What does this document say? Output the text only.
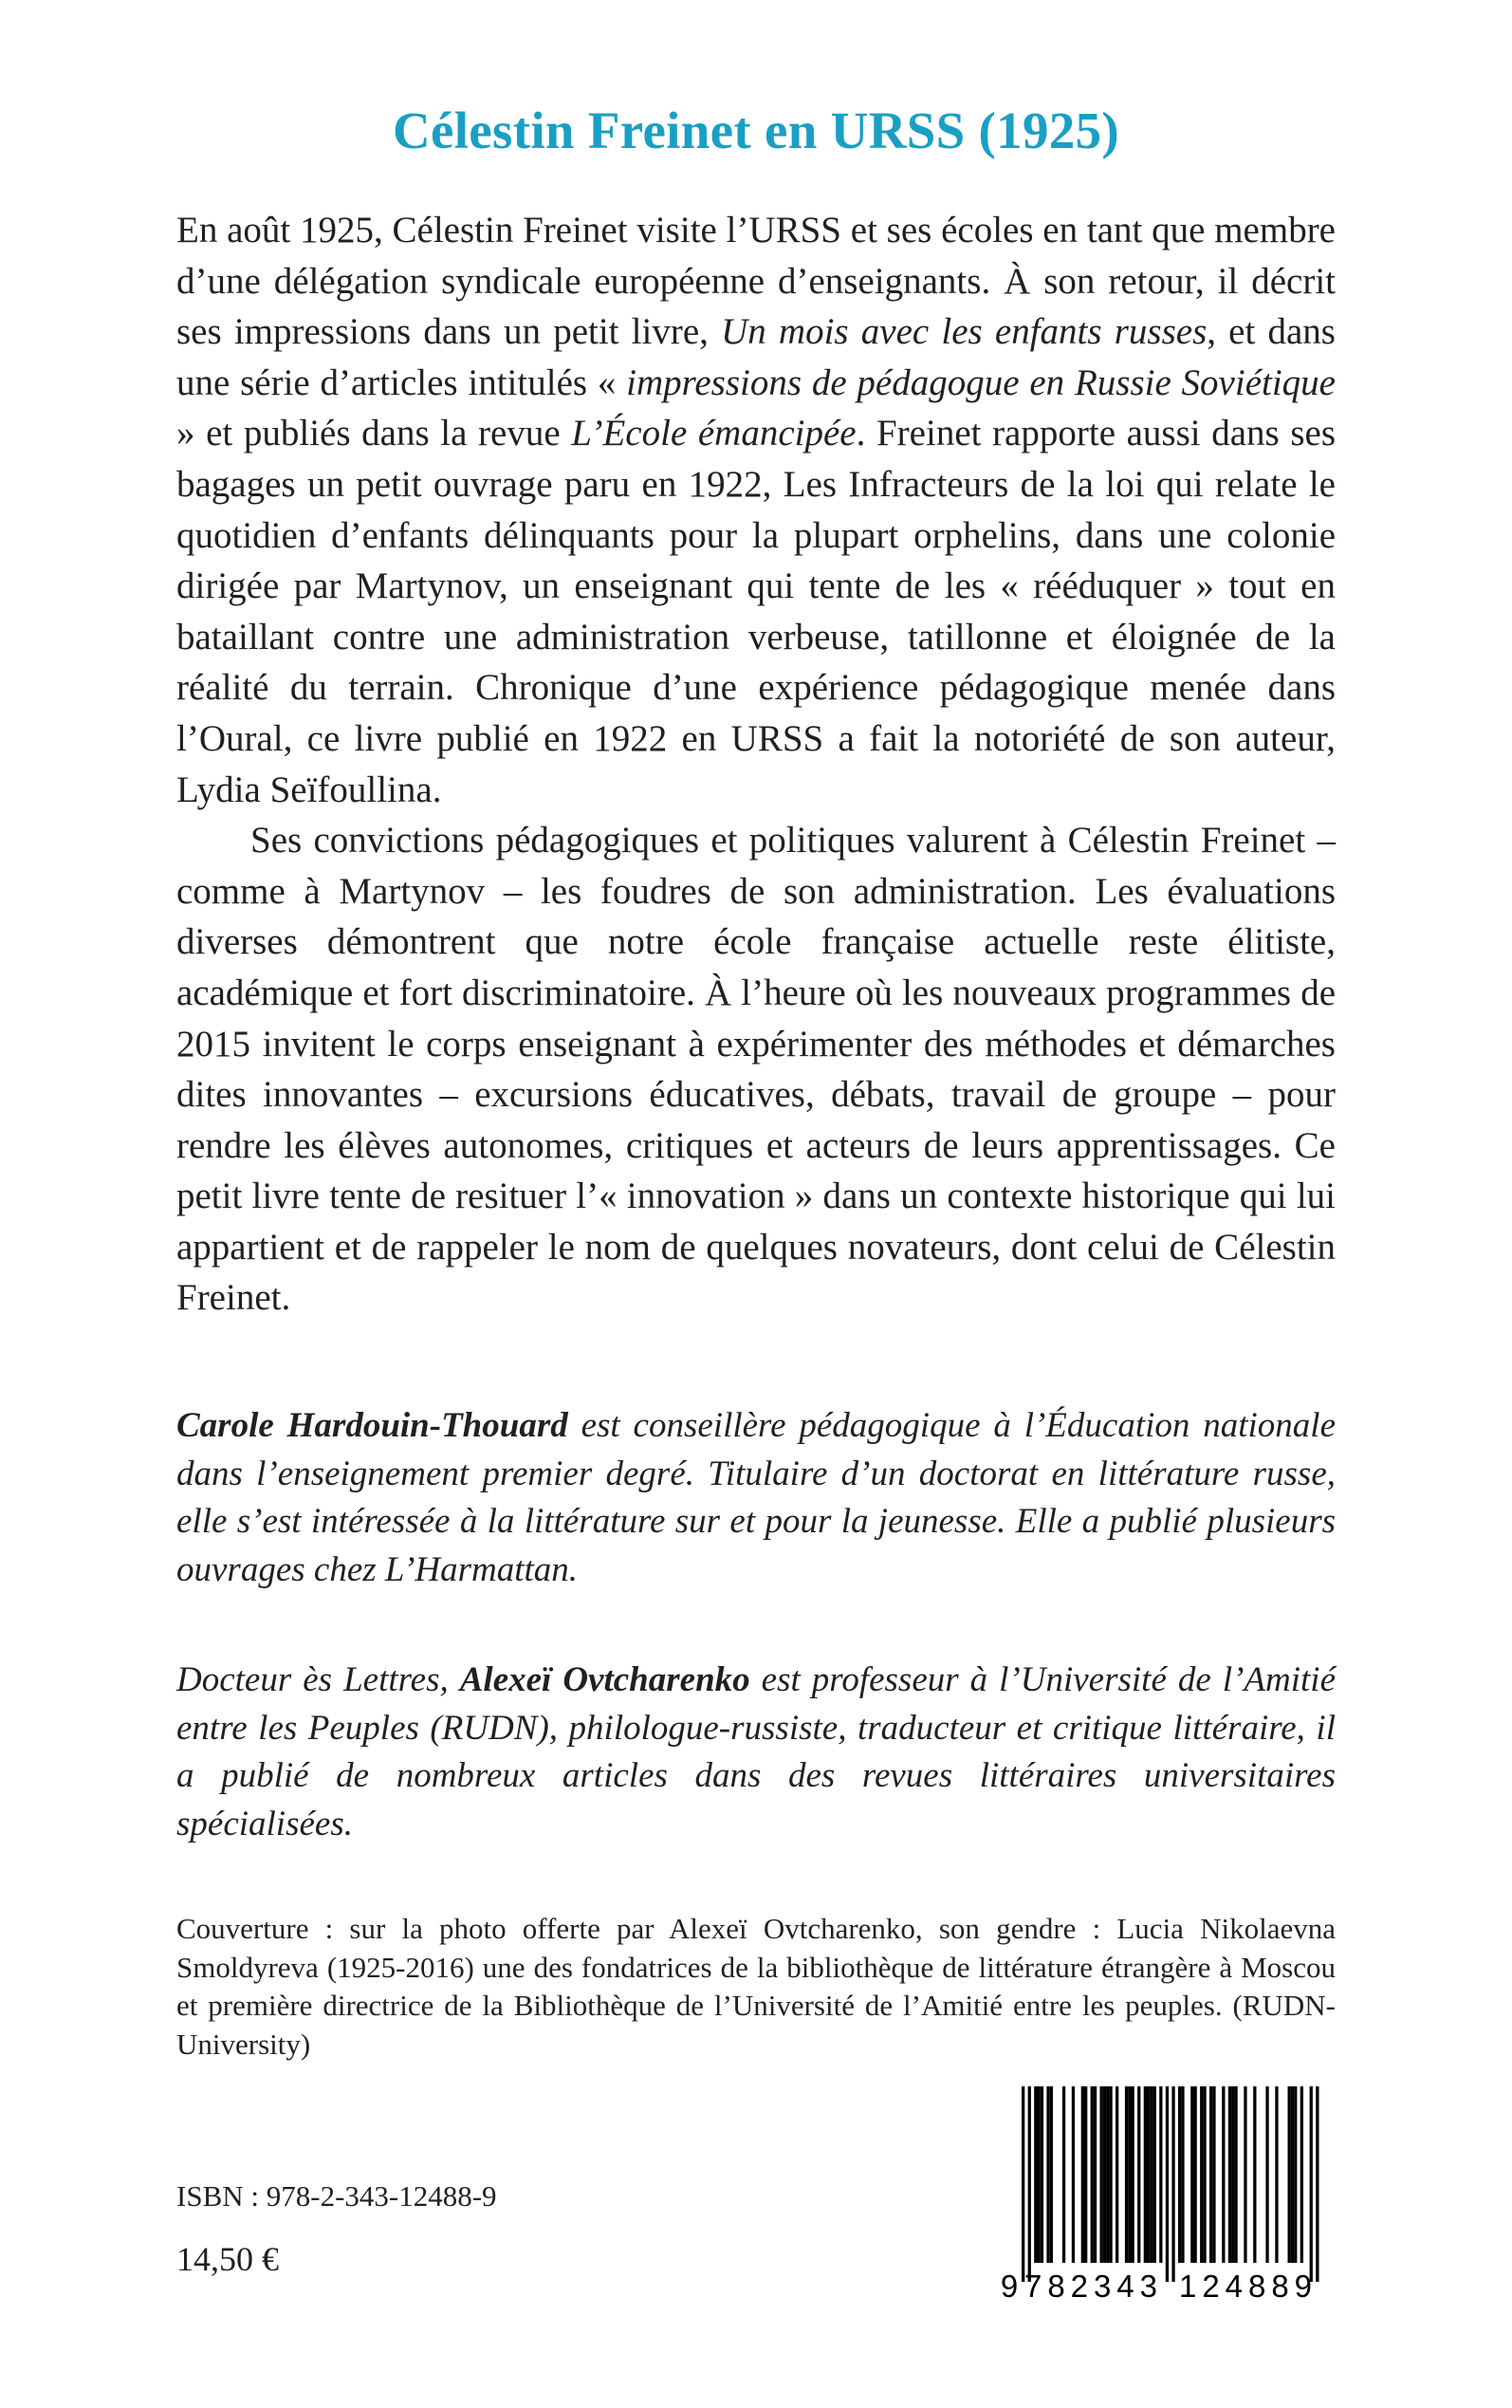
Célestin Freinet en URSS (1925)

En août 1925, Célestin Freinet visite l’URSS et ses écoles en tant que membre d’une délégation syndicale européenne d’enseignants. À son retour, il décrit ses impressions dans un petit livre, Un mois avec les enfants russes, et dans une série d’articles intitulés « impressions de pédagogue en Russie Soviétique » et publiés dans la revue L’École émancipée. Freinet rapporte aussi dans ses bagages un petit ouvrage paru en 1922, Les Infracteurs de la loi qui relate le quotidien d’enfants délinquants pour la plupart orphelins, dans une colonie dirigée par Martynov, un enseignant qui tente de les « rééduquer » tout en bataillant contre une administration verbeuse, tatillonne et éloignée de la réalité du terrain. Chronique d’une expérience pédagogique menée dans l’Oural, ce livre publié en 1922 en URSS a fait la notoriété de son auteur, Lydia Seïfoullina.

Ses convictions pédagogiques et politiques valurent à Célestin Freinet – comme à Martynov – les foudres de son administration. Les évaluations diverses démontrent que notre école française actuelle reste élitiste, académique et fort discriminatoire. À l’heure où les nouveaux programmes de 2015 invitent le corps enseignant à expérimenter des méthodes et démarches dites innovantes – excursions éducatives, débats, travail de groupe – pour rendre les élèves autonomes, critiques et acteurs de leurs apprentissages. Ce petit livre tente de resituer l’« innovation » dans un contexte historique qui lui appartient et de rappeler le nom de quelques novateurs, dont celui de Célestin Freinet.

Carole Hardouin-Thouard est conseillère pédagogique à l’Éducation nationale dans l’enseignement premier degré. Titulaire d’un doctorat en littérature russe, elle s’est intéressée à la littérature sur et pour la jeunesse. Elle a publié plusieurs ouvrages chez L’Harmattan.

Docteur ès Lettres, Alexeï Ovtcharenko est professeur à l’Université de l’Amitié entre les Peuples (RUDN), philologue-russiste, traducteur et critique littéraire, il a publié de nombreux articles dans des revues littéraires universitaires spécialisées.

Couverture : sur la photo offerte par Alexeï Ovtcharenko, son gendre : Lucia Nikolaevna Smoldyreva (1925-2016) une des fondatrices de la bibliothèque de littérature étrangère à Moscou et première directrice de la Bibliothèque de l’Université de l’Amitié entre les peuples. (RUDN-University)

ISBN : 978-2-343-12488-9
14,50 €
9 782343 124889
